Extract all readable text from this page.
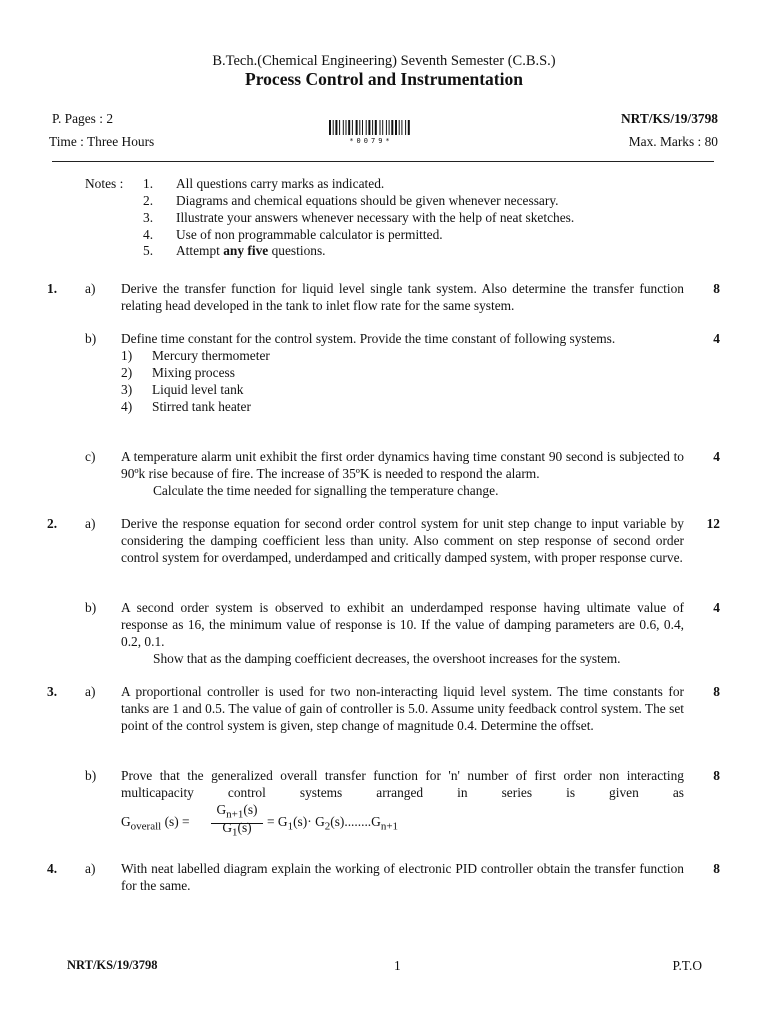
B.Tech.(Chemical Engineering) Seventh Semester (C.B.S.)
Process Control and Instrumentation
P. Pages : 2
Time : Three Hours
NRT/KS/19/3798
Max. Marks : 80
*0079*
Notes : 1.	All questions carry marks as indicated.
2.	Diagrams and chemical equations should be given whenever necessary.
3.	Illustrate your answers whenever necessary with the help of neat sketches.
4.	Use of non programmable calculator is permitted.
5.	Attempt any five questions.
1.	a)	Derive the transfer function for liquid level single tank system. Also determine the transfer function relating head developed in the tank to inlet flow rate for the same system.
8
b)	Define time constant for the control system. Provide the time constant of following systems.
1) Mercury thermometer
2) Mixing process
3) Liquid level tank
4) Stirred tank heater
4
c)	A temperature alarm unit exhibit the first order dynamics having time constant 90 second is subjected to 90ºk rise because of fire. The increase of 35ºK is needed to respond the alarm.
Calculate the time needed for signalling the temperature change.
4
2.	a)	Derive the response equation for second order control system for unit step change to input variable by considering the damping coefficient less than unity. Also comment on step response of second order control system for overdamped, underdamped and critically damped system, with proper response curve.
12
b)	A second order system is observed to exhibit an underdamped response having ultimate value of response as 16, the minimum value of response is 10. If the value of damping parameters are 0.6, 0.4, 0.2, 0.1.
Show that as the damping coefficient decreases, the overshoot increases for the system.
4
3.	a)	A proportional controller is used for two non-interacting liquid level system. The time constants for tanks are 1 and 0.5. The value of gain of controller is 5.0. Assume unity feedback control system. The set point of the control system is given, step change of magnitude 0.4. Determine the offset.
8
b)	Prove that the generalized overall transfer function for 'n' number of first order non interacting multicapacity control systems arranged in series is given as
8
$G_{overall}$ (s) =
$G_{n+1}(s)$
$G_1(s)$	= $G_1(s)\cdot G_2(s)........G_{n+1}$
4.	a)	With neat labelled diagram explain the working of electronic PID controller obtain the transfer function for the same.
8
NRT/KS/19/3798	1	P.T.O
